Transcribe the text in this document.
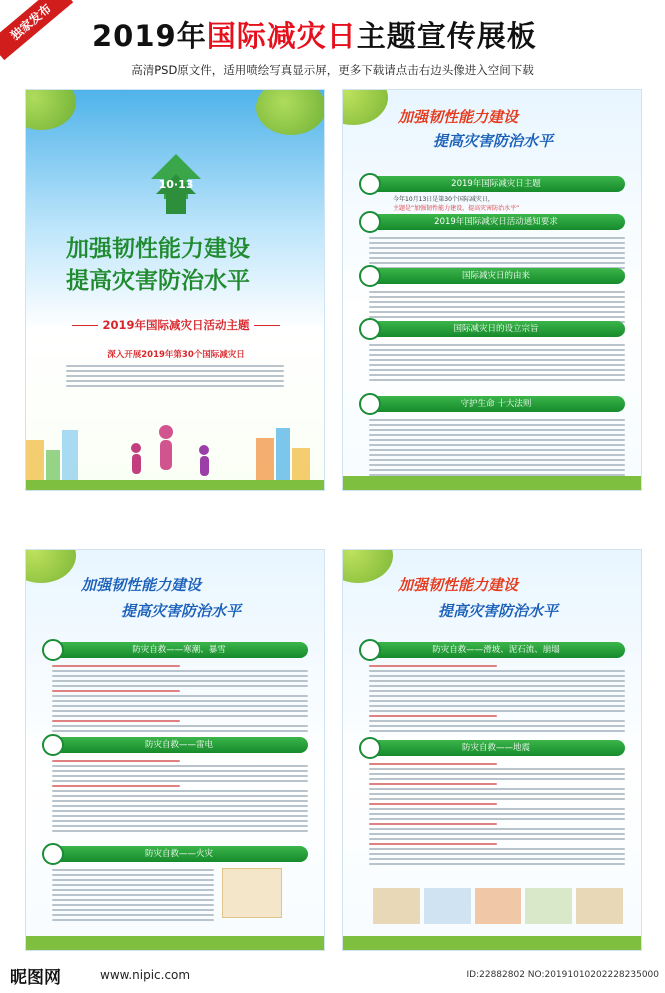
独家发布	2019年国际减灾日主题宣传展板
高清PSD原文件，适用喷绘写真显示屏，更多下载请点击右边头像进入空间下载
10·13
加强韧性能力建设
提高灾害防治水平
2019年国际减灾日活动主题
深入开展2019年第30个国际减灾日
加强韧性能力建设
提高灾害防治水平
2019年国际减灾日主题
今年10月13日是第30个国际减灾日，
主题是“加强韧性能力建设，提高灾害防治水平”
2019年国际减灾日活动通知要求
国际减灾日的由来
国际减灾日的设立宗旨
守护生命 十大法则
加强韧性能力建设
提高灾害防治水平
防灾自救——寒潮、暴雪
防灾自救——雷电
防灾自救——火灾
加强韧性能力建设
提高灾害防治水平
防灾自救——滑坡、泥石流、崩塌
防灾自救——地震
昵图网	www.nipic.com	ID:22882802 NO:20191010202228235000
